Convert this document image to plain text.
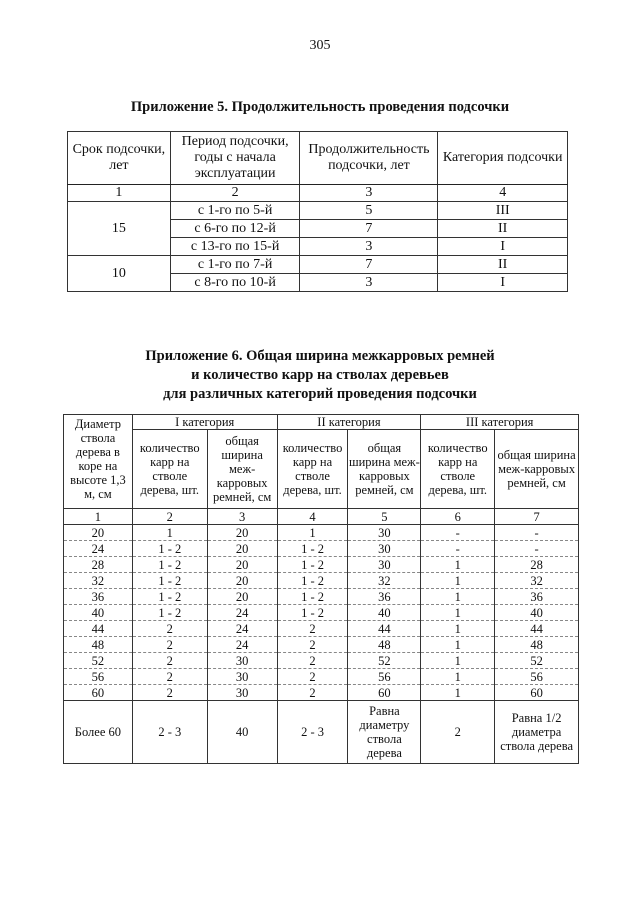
305
Приложение 5. Продолжительность проведения подсочки
Срок подсочки, лет	Период подсочки, годы с начала эксплуатации	Продолжительность подсочки, лет	Категория подсочки
1	2	3	4
15	с 1-го по 5-й	5	III
	с 6-го по 12-й	7	II
	с 13-го по 15-й	3	I
10	с 1-го по 7-й	7	II
	с 8-го по 10-й	3	I
Приложение 6. Общая ширина межкарровых ремней
и количество карр на стволах деревьев
для различных категорий проведения подсочки
Диаметр ствола дерева в коре на высоте 1,3 м, см	I категория		II категория		III категория	
	количество карр на стволе дерева, шт.	общая ширина меж-карровых ремней, см	количество карр на стволе дерева, шт.	общая ширина меж-карровых ремней, см	количество карр на стволе дерева, шт.	общая ширина меж-карровых ремней, см
1	2	3	4	5	6	7
20	1	20	1	30	-	-
24	1 - 2	20	1 - 2	30	-	-
28	1 - 2	20	1 - 2	30	1	28
32	1 - 2	20	1 - 2	32	1	32
36	1 - 2	20	1 - 2	36	1	36
40	1 - 2	24	1 - 2	40	1	40
44	2	24	2	44	1	44
48	2	24	2	48	1	48
52	2	30	2	52	1	52
56	2	30	2	56	1	56
60	2	30	2	60	1	60
Более 60	2 - 3	40	2 - 3	Равна диаметру ствола дерева	2	Равна 1/2 диаметра ствола дерева
